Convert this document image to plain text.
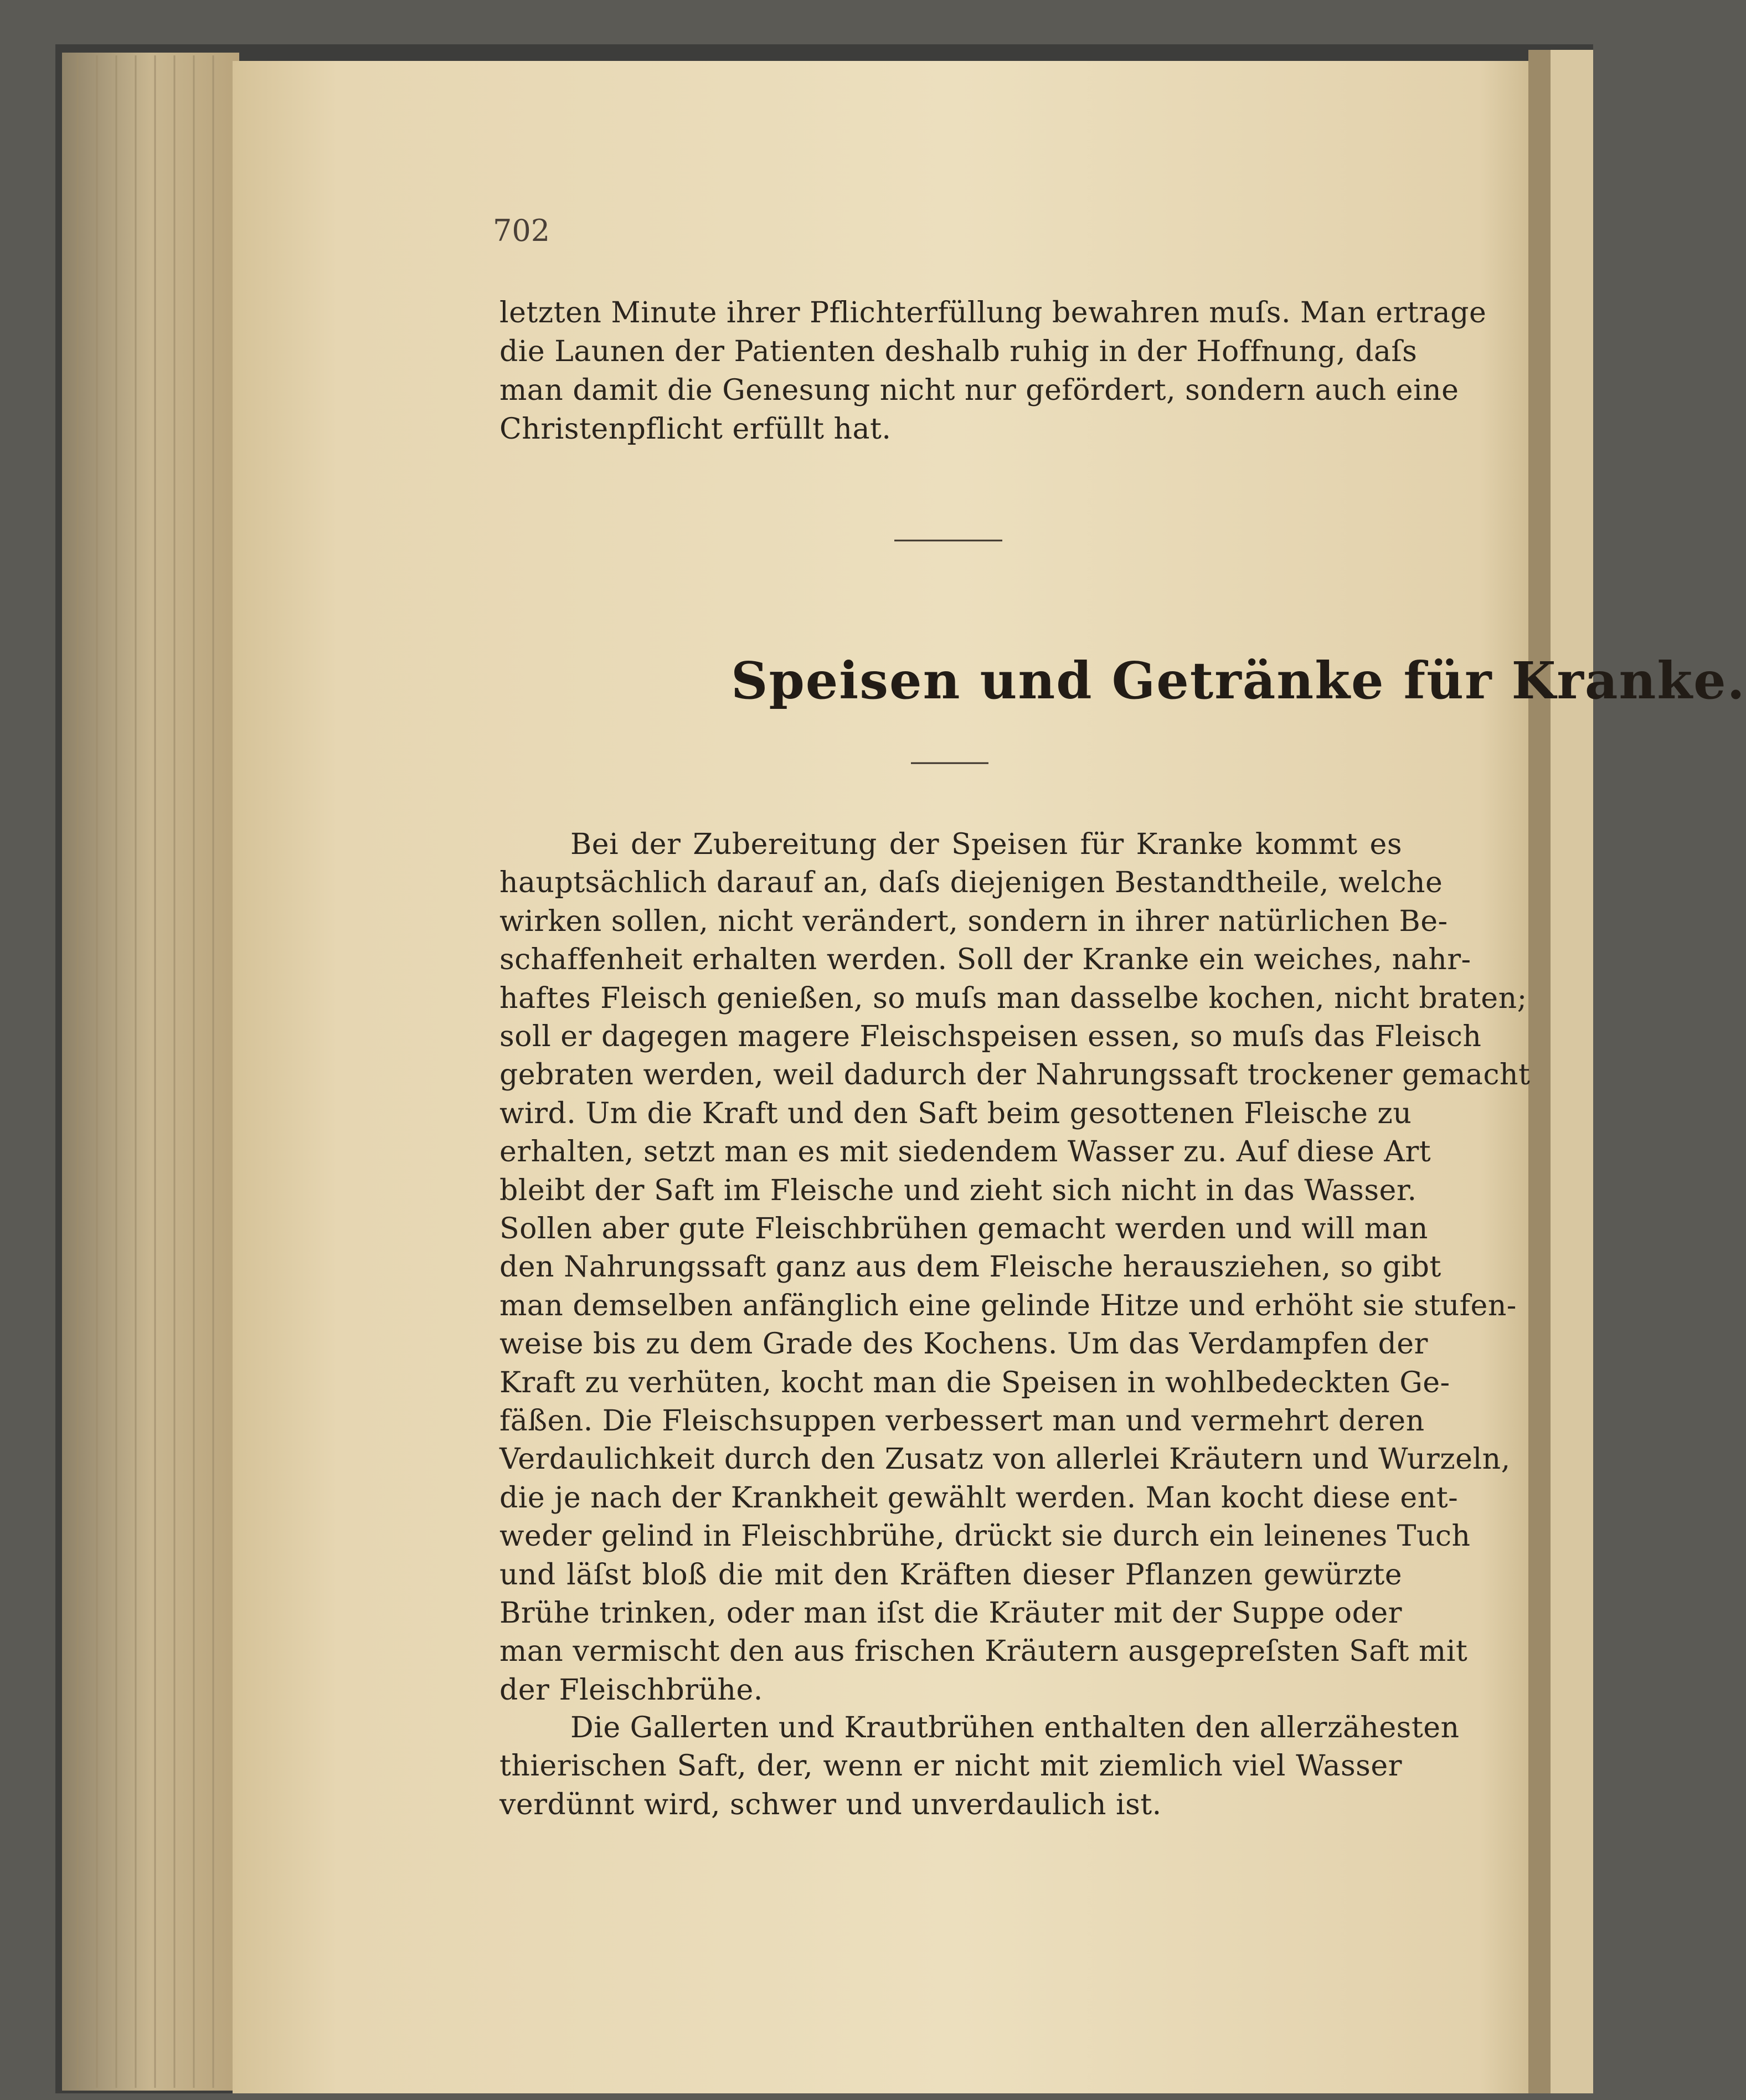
702
letzten Minute ihrer Pflichterfüllung bewahren muſs. Man ertrage
die Launen der Patienten deshalb ruhig in der Hoffnung, daſs
man damit die Genesung nicht nur gefördert, sondern auch eine
Christenpflicht erfüllt hat.
Speisen und Getränke für Kranke.
Bei der Zubereitung der Speisen für Kranke kommt es
hauptsächlich darauf an, daſs diejenigen Bestandtheile, welche
wirken sollen, nicht verändert, sondern in ihrer natürlichen Be-
schaffenheit erhalten werden. Soll der Kranke ein weiches, nahr-
haftes Fleisch genießen, so muſs man dasselbe kochen, nicht braten;
soll er dagegen magere Fleischspeisen essen, so muſs das Fleisch
gebraten werden, weil dadurch der Nahrungssaft trockener gemacht
wird. Um die Kraft und den Saft beim gesottenen Fleische zu
erhalten, setzt man es mit siedendem Wasser zu. Auf diese Art
bleibt der Saft im Fleische und zieht sich nicht in das Wasser.
Sollen aber gute Fleischbrühen gemacht werden und will man
den Nahrungssaft ganz aus dem Fleische herausziehen, so gibt
man demselben anfänglich eine gelinde Hitze und erhöht sie stufen-
weise bis zu dem Grade des Kochens. Um das Verdampfen der
Kraft zu verhüten, kocht man die Speisen in wohlbedeckten Ge-
fäßen. Die Fleischsuppen verbessert man und vermehrt deren
Verdaulichkeit durch den Zusatz von allerlei Kräutern und Wurzeln,
die je nach der Krankheit gewählt werden. Man kocht diese ent-
weder gelind in Fleischbrühe, drückt sie durch ein leinenes Tuch
und läſst bloß die mit den Kräften dieser Pflanzen gewürzte
Brühe trinken, oder man iſst die Kräuter mit der Suppe oder
man vermischt den aus frischen Kräutern ausgepreſsten Saft mit
der Fleischbrühe.
Die Gallerten und Krautbrühen enthalten den allerzähesten
thierischen Saft, der, wenn er nicht mit ziemlich viel Wasser
verdünnt wird, schwer und unverdaulich ist.
